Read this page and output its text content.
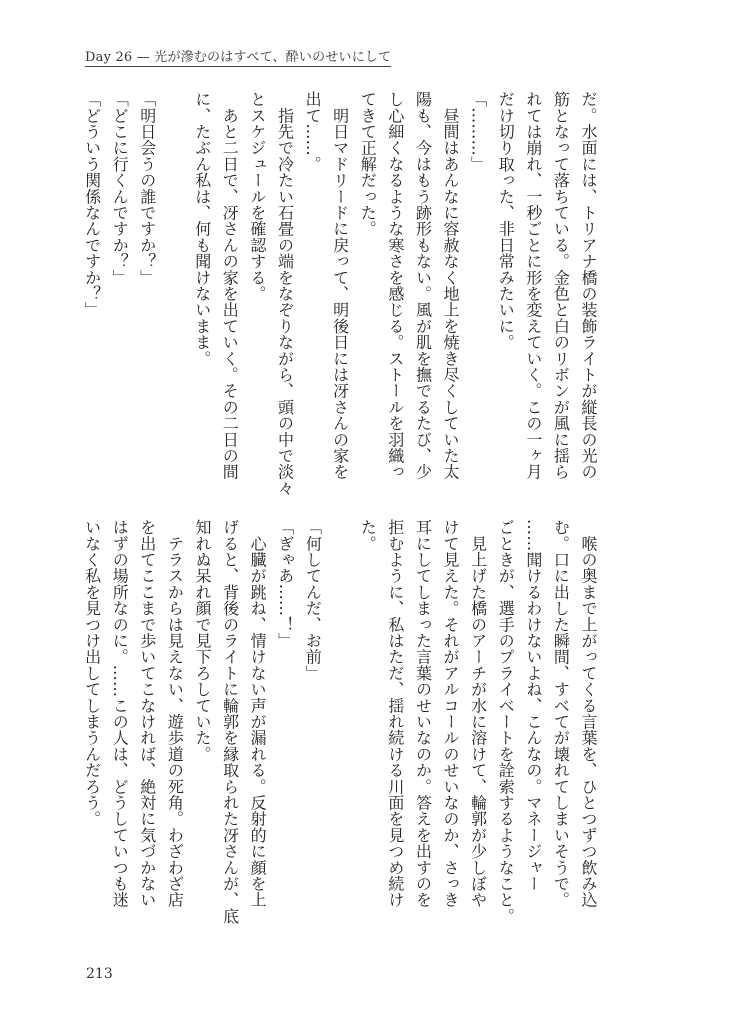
Day 26 — 光が滲むのはすべて、酔いのせいにして
だ。水面には、トリアナ橋の装飾ライトが縦長の光の
筋となって落ちている。金色と白のリボンが風に揺ら
れては崩れ、一秒ごとに形を変えていく。この一ヶ月
だけ切り取った、非日常みたいに。
「………」
　昼間はあんなに容赦なく地上を焼き尽くしていた太
陽も、今はもう跡形もない。風が肌を撫でるたび、少
し心細くなるような寒さを感じる。ストールを羽織っ
てきて正解だった。
　明日マドリードに戻って、明後日には冴さんの家を
出て……。
　指先で冷たい石畳の端をなぞりながら、頭の中で淡々
とスケジュールを確認する。
　あと二日で、冴さんの家を出ていく。その二日の間
に、たぶん私は、何も聞けないまま。
「明日会うの誰ですか？」
「どこに行くんですか？」
「どういう関係なんですか？」
　喉の奥まで上がってくる言葉を、ひとつずつ飲み込
む。口に出した瞬間、すべてが壊れてしまいそうで。
……聞けるわけないよね、こんなの。マネージャー
ごときが、選手のプライベートを詮索するようなこと。
　見上げた橋のアーチが水に溶けて、輪郭が少しぼや
けて見えた。それがアルコールのせいなのか、さっき
耳にしてしまった言葉のせいなのか。答えを出すのを
拒むように、私はただ、揺れ続ける川面を見つめ続け
た。
「何してんだ、お前」
「ぎゃあ……！」
　心臓が跳ね、情けない声が漏れる。反射的に顔を上
げると、背後のライトに輪郭を縁取られた冴さんが、底
知れぬ呆れ顔で見下ろしていた。
　テラスからは見えない、遊歩道の死角。わざわざ店
を出てここまで歩いてこなければ、絶対に気づかない
はずの場所なのに。……この人は、どうしていつも迷
いなく私を見つけ出してしまうんだろう。
213
